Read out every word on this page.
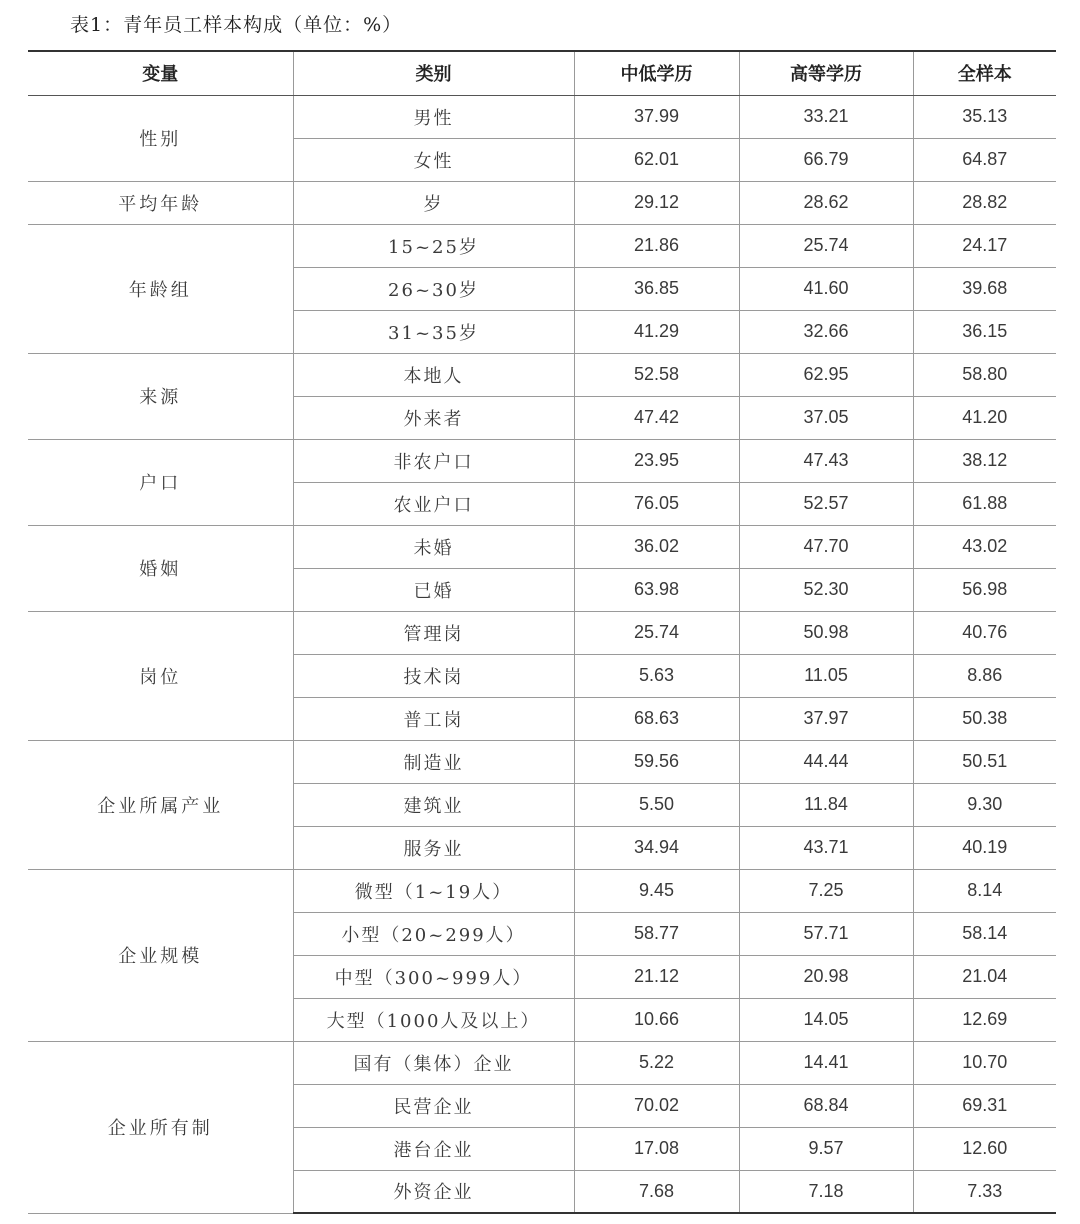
表1：青年员工样本构成（单位：%）
变量	类别	中低学历	高等学历	全样本
性别	男性	37.99	33.21	35.13
	女性	62.01	66.79	64.87
平均年龄	岁	29.12	28.62	28.82
年龄组	15~25岁	21.86	25.74	24.17
	26~30岁	36.85	41.60	39.68
	31~35岁	41.29	32.66	36.15
来源	本地人	52.58	62.95	58.80
	外来者	47.42	37.05	41.20
户口	非农户口	23.95	47.43	38.12
	农业户口	76.05	52.57	61.88
婚姻	未婚	36.02	47.70	43.02
	已婚	63.98	52.30	56.98
岗位	管理岗	25.74	50.98	40.76
	技术岗	5.63	11.05	8.86
	普工岗	68.63	37.97	50.38
企业所属产业	制造业	59.56	44.44	50.51
	建筑业	5.50	11.84	9.30
	服务业	34.94	43.71	40.19
企业规模	微型（1~19人）	9.45	7.25	8.14
	小型（20~299人）	58.77	57.71	58.14
	中型（300~999人）	21.12	20.98	21.04
	大型（1000人及以上）	10.66	14.05	12.69
企业所有制	国有（集体）企业	5.22	14.41	10.70
	民营企业	70.02	68.84	69.31
	港台企业	17.08	9.57	12.60
	外资企业	7.68	7.18	7.33
